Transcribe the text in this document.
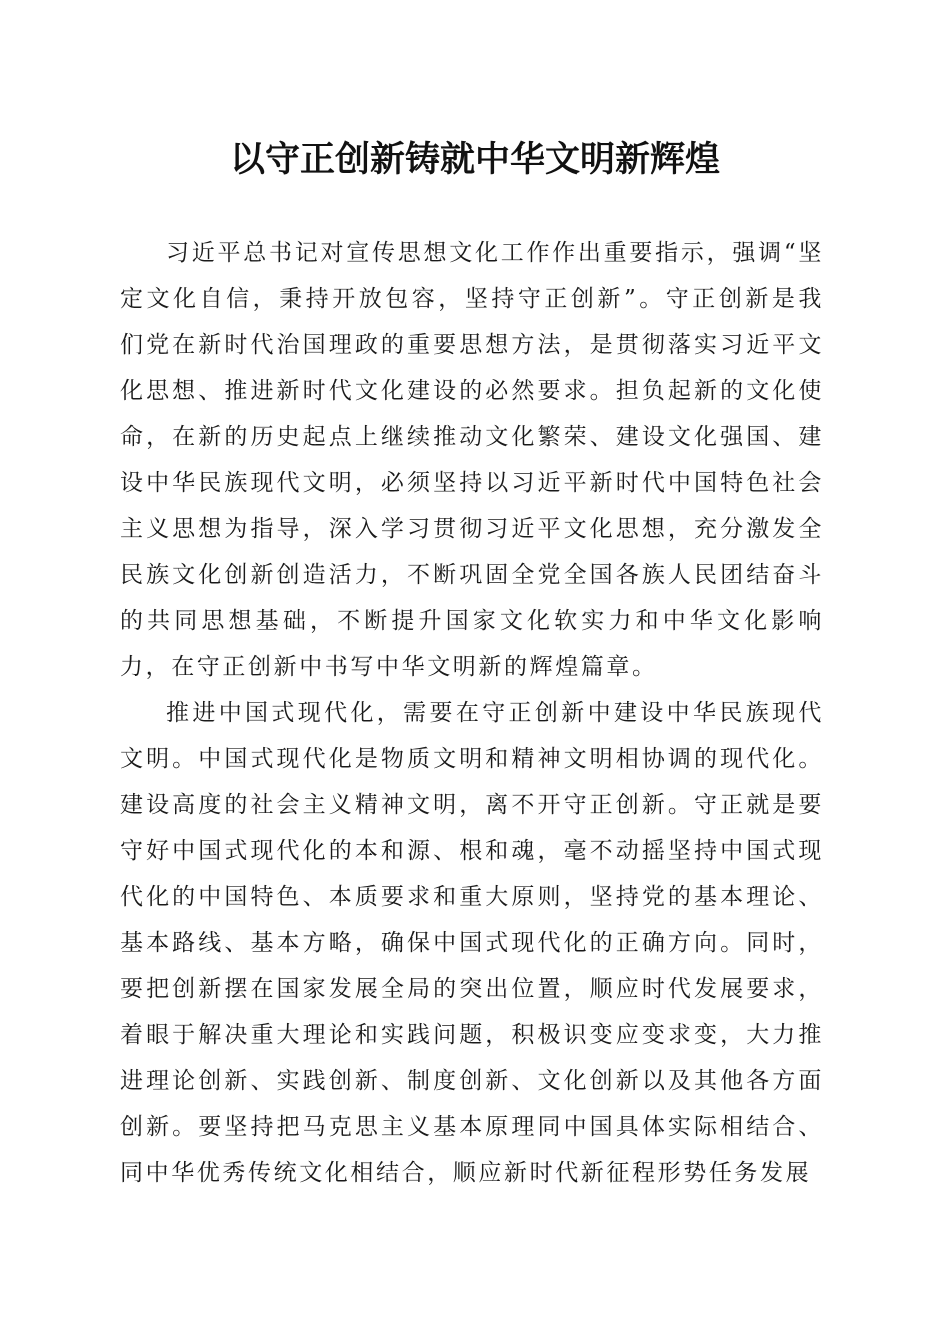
以守正创新铸就中华文明新辉煌

习近平总书记对宣传思想文化工作作出重要指示，强调“坚定文化自信，秉持开放包容，坚持守正创新”。守正创新是我们党在新时代治国理政的重要思想方法，是贯彻落实习近平文化思想、推进新时代文化建设的必然要求。担负起新的文化使命，在新的历史起点上继续推动文化繁荣、建设文化强国、建设中华民族现代文明，必须坚持以习近平新时代中国特色社会主义思想为指导，深入学习贯彻习近平文化思想，充分激发全民族文化创新创造活力，不断巩固全党全国各族人民团结奋斗的共同思想基础，不断提升国家文化软实力和中华文化影响力，在守正创新中书写中华文明新的辉煌篇章。

推进中国式现代化，需要在守正创新中建设中华民族现代文明。中国式现代化是物质文明和精神文明相协调的现代化。建设高度的社会主义精神文明，离不开守正创新。守正就是要守好中国式现代化的本和源、根和魂，毫不动摇坚持中国式现代化的中国特色、本质要求和重大原则，坚持党的基本理论、基本路线、基本方略，确保中国式现代化的正确方向。同时，要把创新摆在国家发展全局的突出位置，顺应时代发展要求，着眼于解决重大理论和实践问题，积极识变应变求变，大力推进理论创新、实践创新、制度创新、文化创新以及其他各方面创新。要坚持把马克思主义基本原理同中国具体实际相结合、同中华优秀传统文化相结合，顺应新时代新征程形势任务发展
